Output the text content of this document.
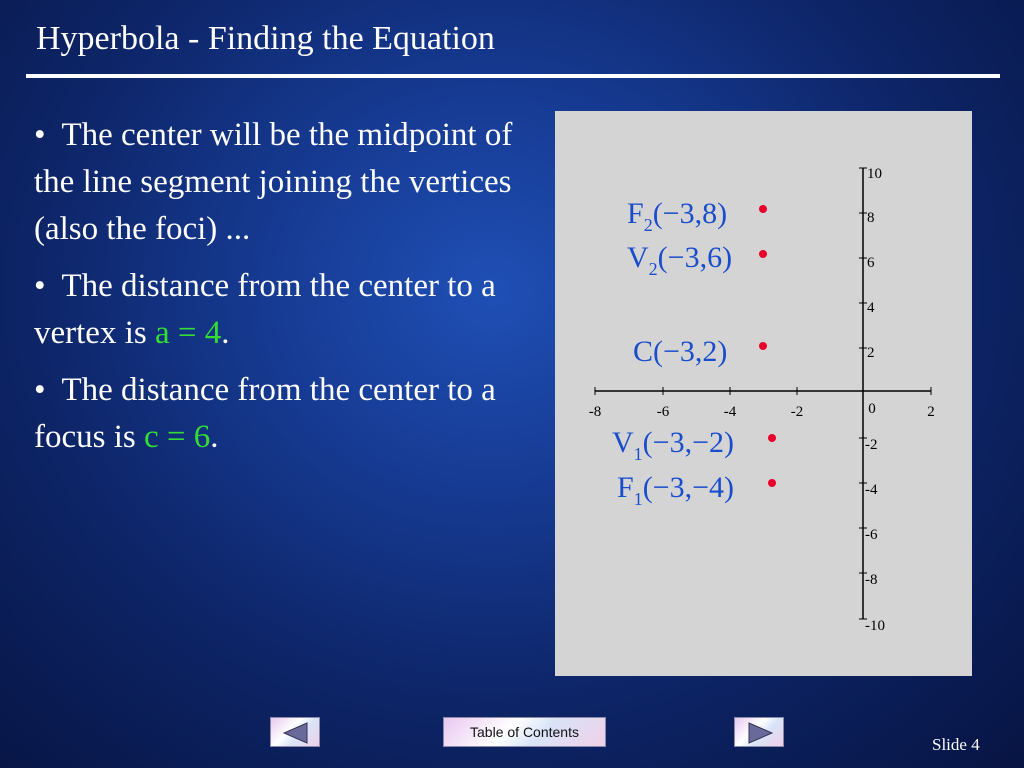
Hyperbola - Finding the Equation

•  The center will be the midpoint of the line segment joining the vertices (also the foci) ...

•  The distance from the center to a vertex is a = 4.

•  The distance from the center to a focus is c = 6.

-8	-6	-4	-2	0	2
10
8
6
4
2
-2
-4
-6
-8
-10
$F_2(-3,8)$
$V_2(-3,6)$
C(−3,2)
$V_1(-3,-2)$
$F_1(-3,-4)$
Table of Contents
Slide 4
